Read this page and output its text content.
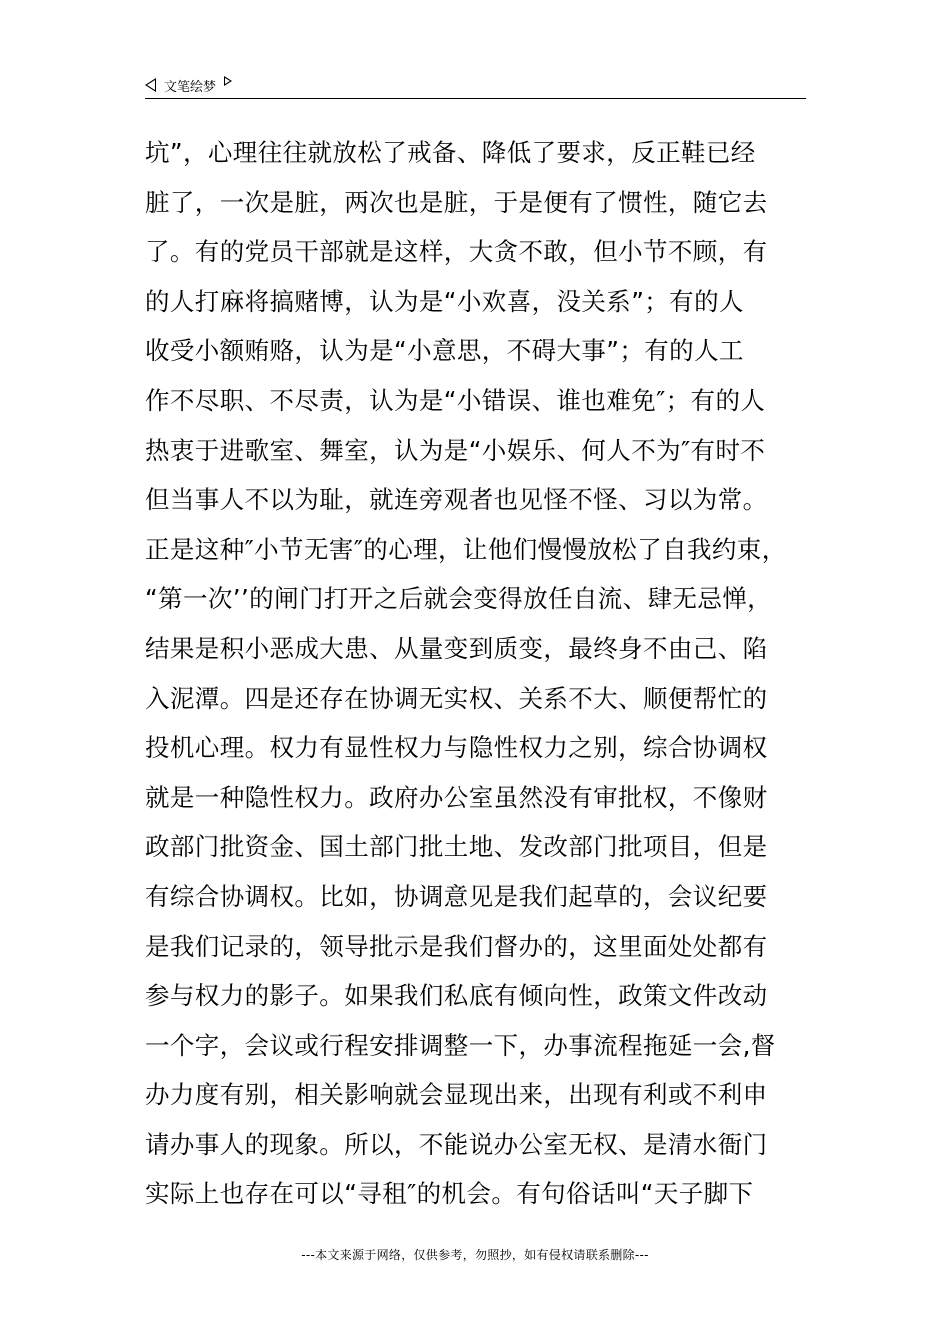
文笔绘梦
坑”，心理往往就放松了戒备、降低了要求，反正鞋已经
脏了，一次是脏，两次也是脏，于是便有了惯性，随它去
了。有的党员干部就是这样，大贪不敢，但小节不顾，有
的人打麻将搞赌博，认为是“小欢喜，没关系”；有的人
收受小额贿赂，认为是“小意思，不碍大事”；有的人工
作不尽职、不尽责，认为是“小错误、谁也难免″；有的人
热衷于进歌室、舞室，认为是“小娱乐、何人不为″有时不
但当事人不以为耻，就连旁观者也见怪不怪、习以为常。
正是这种″小节无害″的心理，让他们慢慢放松了自我约束，
“第一次’’的闸门打开之后就会变得放任自流、肆无忌惮，
结果是积小恶成大患、从量变到质变，最终身不由己、陷
入泥潭。四是还存在协调无实权、关系不大、顺便帮忙的
投机心理。权力有显性权力与隐性权力之别，综合协调权
就是一种隐性权力。政府办公室虽然没有审批权，不像财
政部门批资金、国土部门批土地、发改部门批项目，但是
有综合协调权。比如，协调意见是我们起草的，会议纪要
是我们记录的，领导批示是我们督办的，这里面处处都有
参与权力的影子。如果我们私底有倾向性，政策文件改动
一个字，会议或行程安排调整一下，办事流程拖延一会,督
办力度有别，相关影响就会显现出来，出现有利或不利申
请办事人的现象。所以，不能说办公室无权、是清水衙门
实际上也存在可以“寻租″的机会。有句俗话叫“天子脚下
---本文来源于网络，仅供参考，勿照抄，如有侵权请联系删除---
